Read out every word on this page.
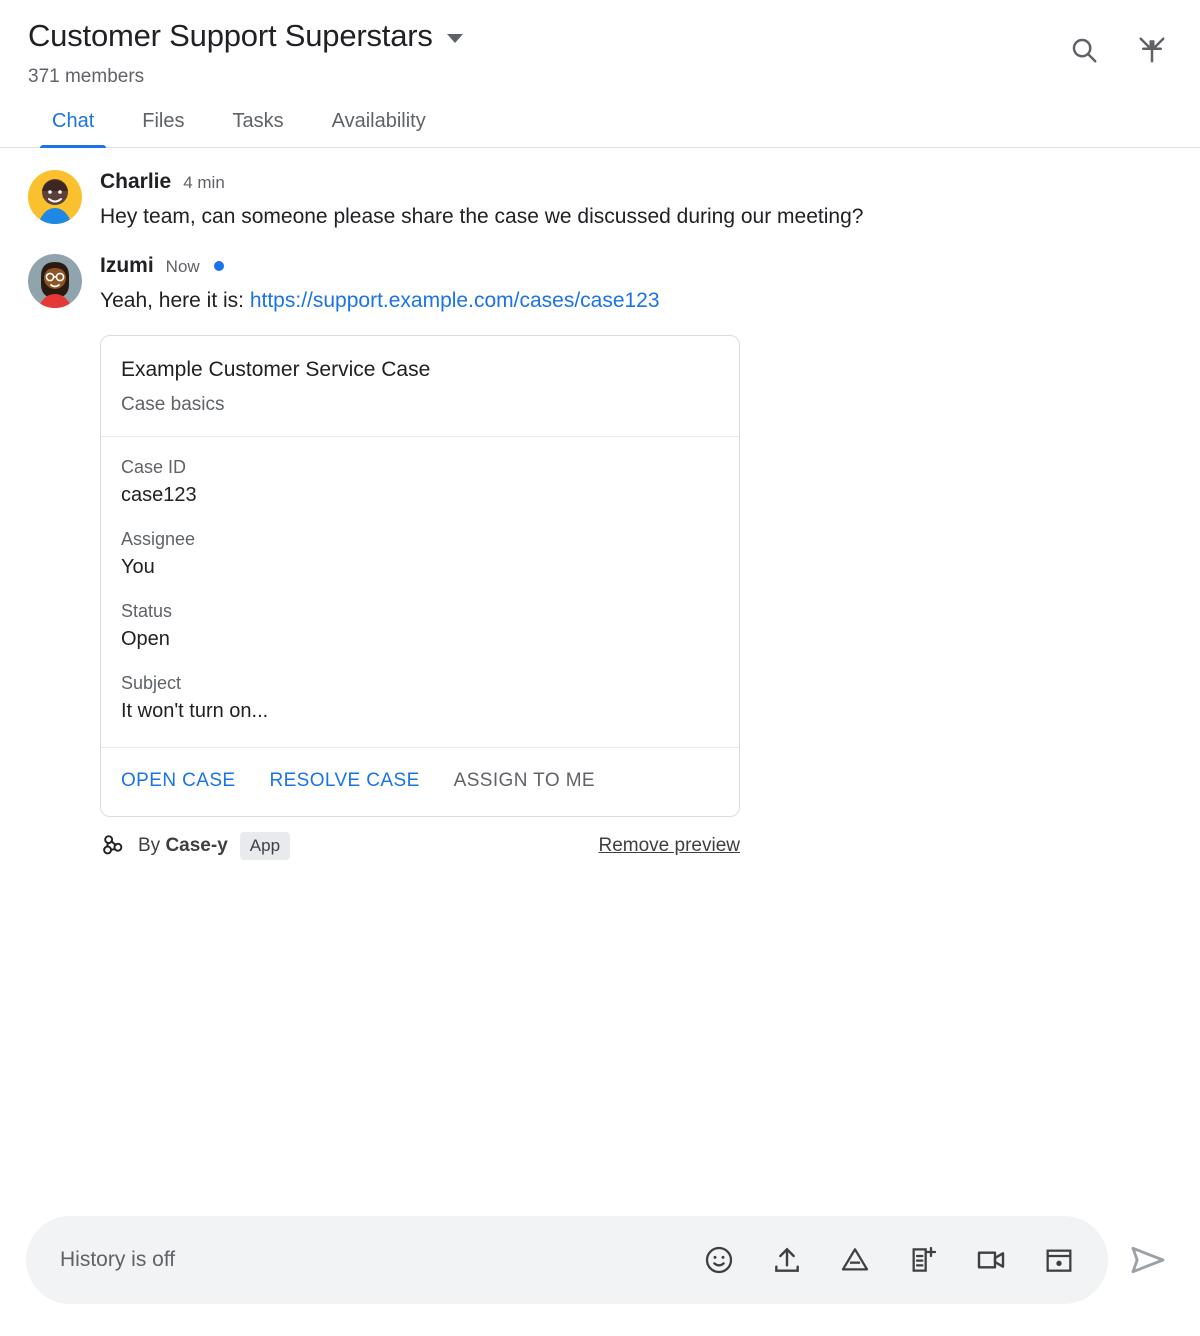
Customer Support Superstars
371 members
Chat	Files	Tasks	Availability
Charlie 4 min
Hey team, can someone please share the case we discussed during our meeting?
Izumi Now
Yeah, here it is: https://support.example.com/cases/case123
Example Customer Service Case
Case basics
Case ID
case123
Assignee
You
Status
Open
Subject
It won't turn on...
OPEN CASE RESOLVE CASE ASSIGN TO ME
By Case-y	App	Remove preview
History is off
